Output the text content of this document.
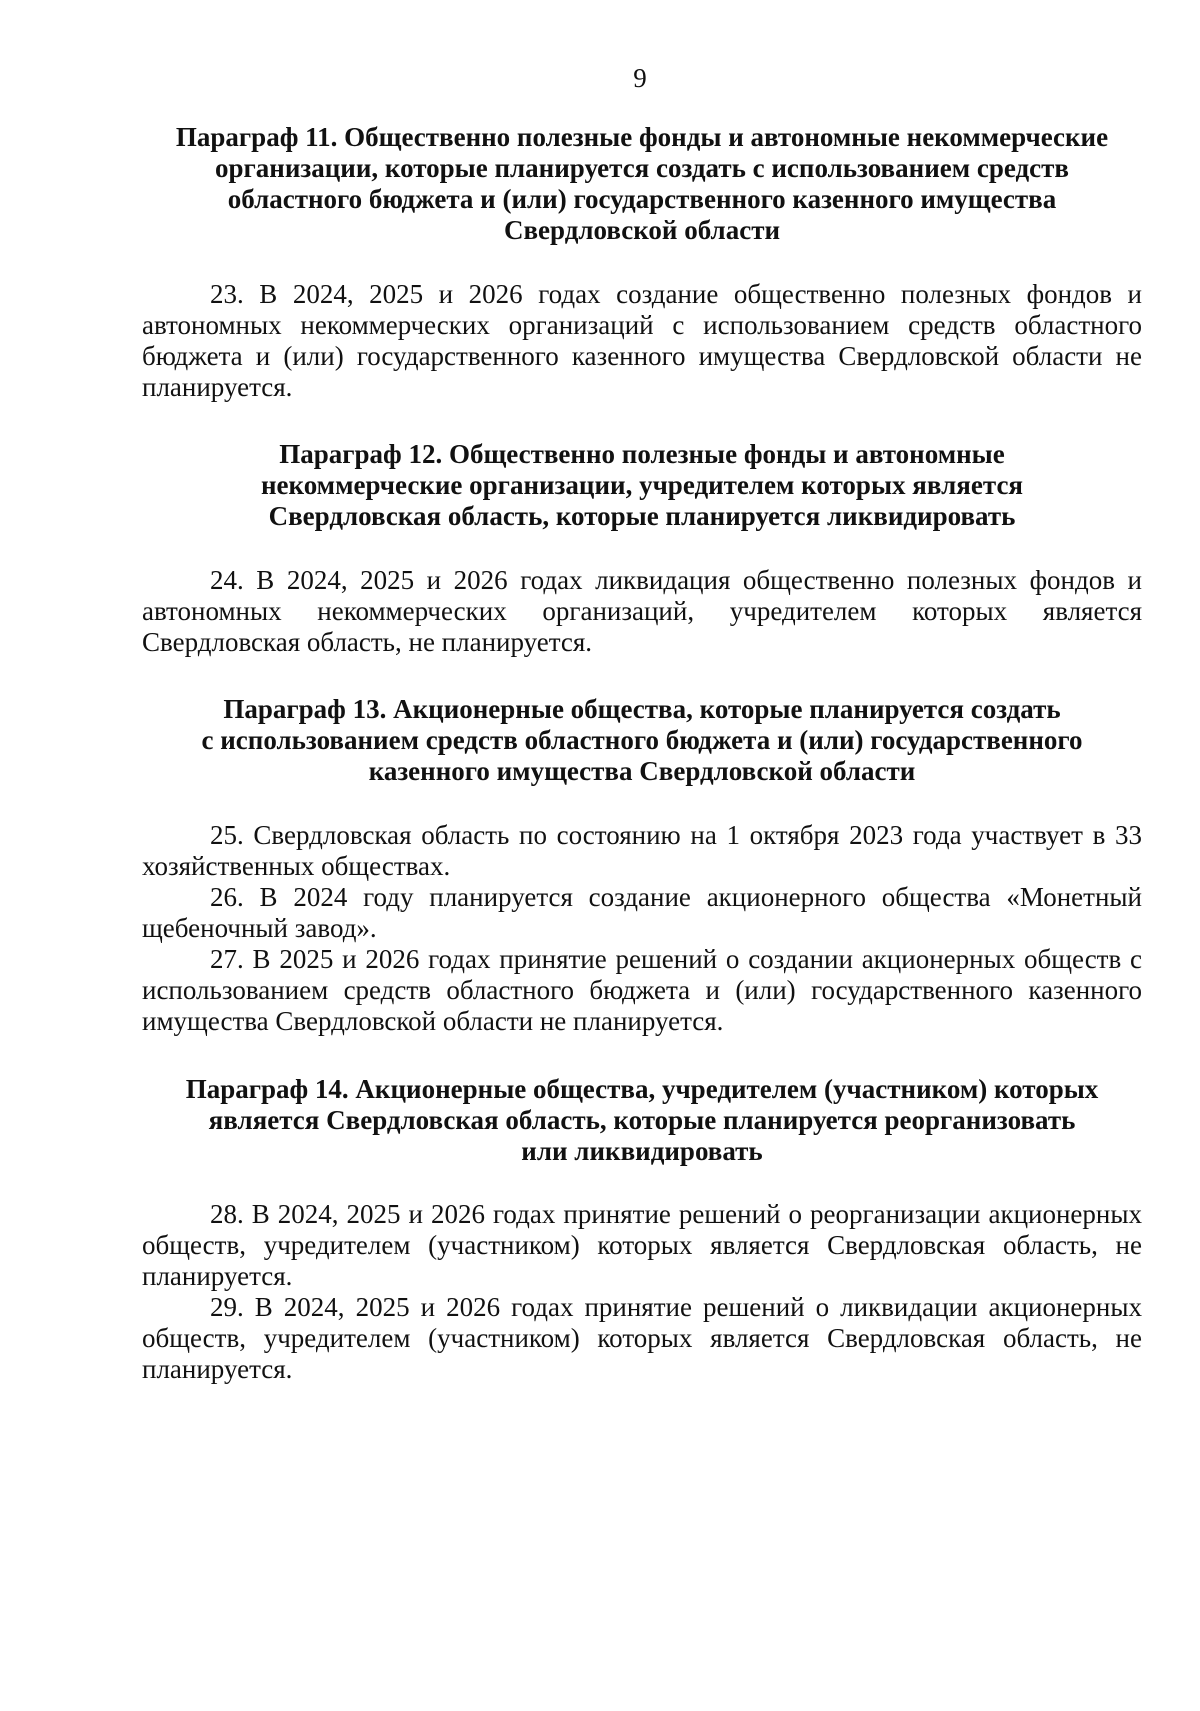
9
Параграф 11. Общественно полезные фонды и автономные некоммерческие
организации, которые планируется создать с использованием средств
областного бюджета и (или) государственного казенного имущества
Свердловской области

23. В 2024, 2025 и 2026 годах создание общественно полезных фондов и автономных некоммерческих организаций с использованием средств областного бюджета и (или) государственного казенного имущества Свердловской области не планируется.

Параграф 12. Общественно полезные фонды и автономные
некоммерческие организации, учредителем которых является
Свердловская область, которые планируется ликвидировать

24. В 2024, 2025 и 2026 годах ликвидация общественно полезных фондов и автономных некоммерческих организаций, учредителем которых является Свердловская область, не планируется.

Параграф 13. Акционерные общества, которые планируется создать
с использованием средств областного бюджета и (или) государственного
казенного имущества Свердловской области

25. Свердловская область по состоянию на 1 октября 2023 года участвует в 33 хозяйственных обществах.

26. В 2024 году планируется создание акционерного общества «Монетный щебеночный завод».

27. В 2025 и 2026 годах принятие решений о создании акционерных обществ с использованием средств областного бюджета и (или) государственного казенного имущества Свердловской области не планируется.

Параграф 14. Акционерные общества, учредителем (участником) которых
является Свердловская область, которые планируется реорганизовать
или ликвидировать

28. В 2024, 2025 и 2026 годах принятие решений о реорганизации акционерных обществ, учредителем (участником) которых является Свердловская область, не планируется.

29. В 2024, 2025 и 2026 годах принятие решений о ликвидации акционерных обществ, учредителем (участником) которых является Свердловская область, не планируется.
